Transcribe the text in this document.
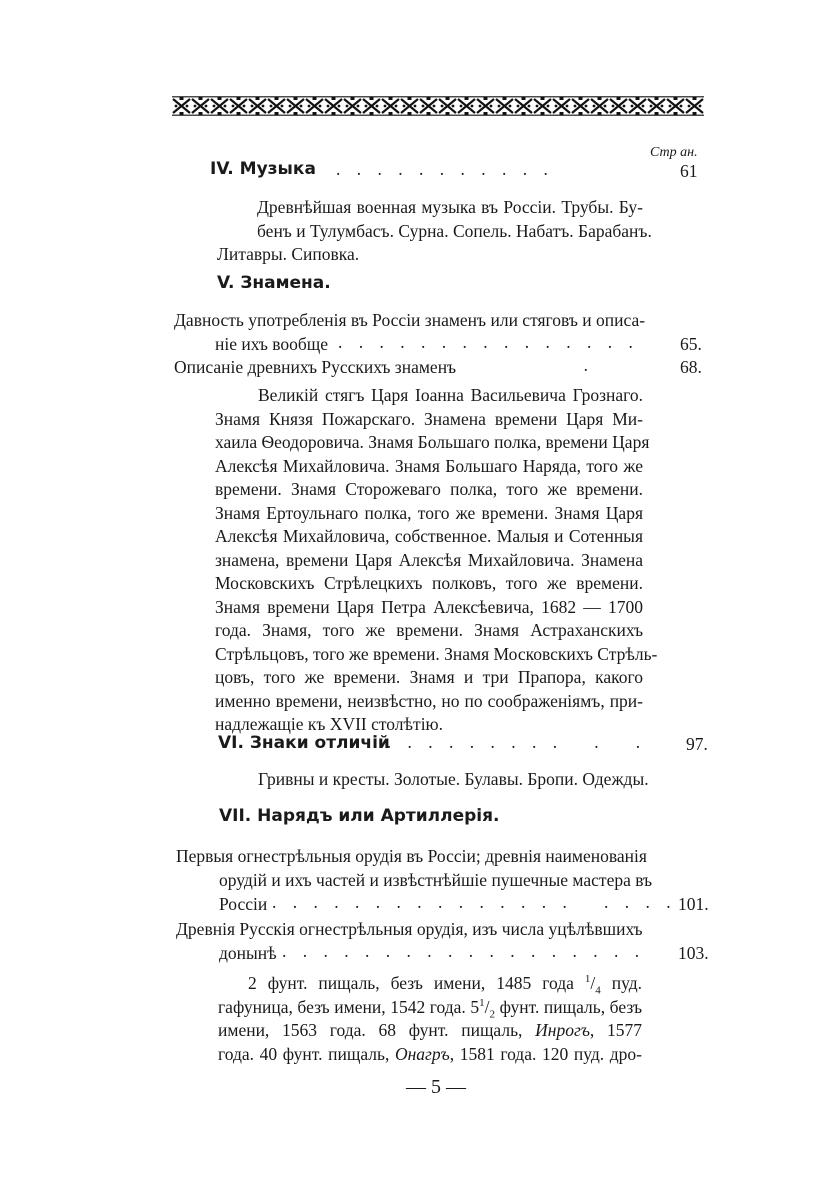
Стр ан.
IV. Музыка . . . . . . . . . . .	61
Древнѣйшая военная музыка въ Россіи. Трубы. Бу-
бенъ и Тулумбасъ. Сурна. Сопель. Набатъ. Барабанъ.
Литавры. Сиповка.
V. Знамена.
Давность употребленія въ Россіи знаменъ или стяговъ и описа-
ніе ихъ вообще . . . . . . . . . . . . . . . 65.
Описаніе древнихъ Русскихъ знаменъ
.                              .	68.
Великій стягъ Царя Іоанна Васильевича Грознаго.
Знамя Князя Пожарскаго. Знамена времени Царя Ми-
хаила Ѳеодоровича. Знамя Большаго полка, времени Царя
Алексѣя Михайловича. Знамя Большаго Наряда, того же
времени. Знамя Сторожеваго полка, того же времени.
Знамя Ертоульнаго полка, того же времени. Знамя Царя
Алексѣя Михайловича, собственное. Малыя и Сотенныя
знамена, времени Царя Алексѣя Михайловича. Знамена
Московскихъ Стрѣлецкихъ полковъ, того же времени.
Знамя времени Царя Петра Алексѣевича, 1682 — 1700
года. Знамя, того же времени. Знамя Астраханскихъ
Стрѣльцовъ, того же времени. Знамя Московскихъ Стрѣль-
цовъ, того же времени. Знамя и три Прапора, какого
именно времени, неизвѣстно, но по соображеніямъ, при-
надлежащіе къ XVII столѣтію.
VI. Знаки отличій
. . . . . . . . . .   .   . 97.
Гривны и кресты. Золотые. Булавы. Бропи. Одежды.
VII. Нарядъ или Артиллерія.
Первыя огнестрѣльныя орудія въ Россіи; древнія наименованія
орудій и ихъ частей и извѣстнѣйшіе пушечные мастера въ
Россіи . . . . . . . . . . . . . . .   . . . . 101.
Древнія Русскія огнестрѣльныя орудія, изъ числа уцѣлѣвшихъ
донынѣ . . . . . . . . . . . . . . . . . . 103.
2 фунт. пищаль, безъ имени, 1485 года $^1/_4$ пуд.
гафуница, безъ имени, 1542 года. $5^1/_2$ фунт. пищаль, безъ
имени, 1563 года. 68 фунт. пищаль, Инрогъ, 1577
года. 40 фунт. пищаль, Онагръ, 1581 года. 120 пуд. дро-
— 5 —
